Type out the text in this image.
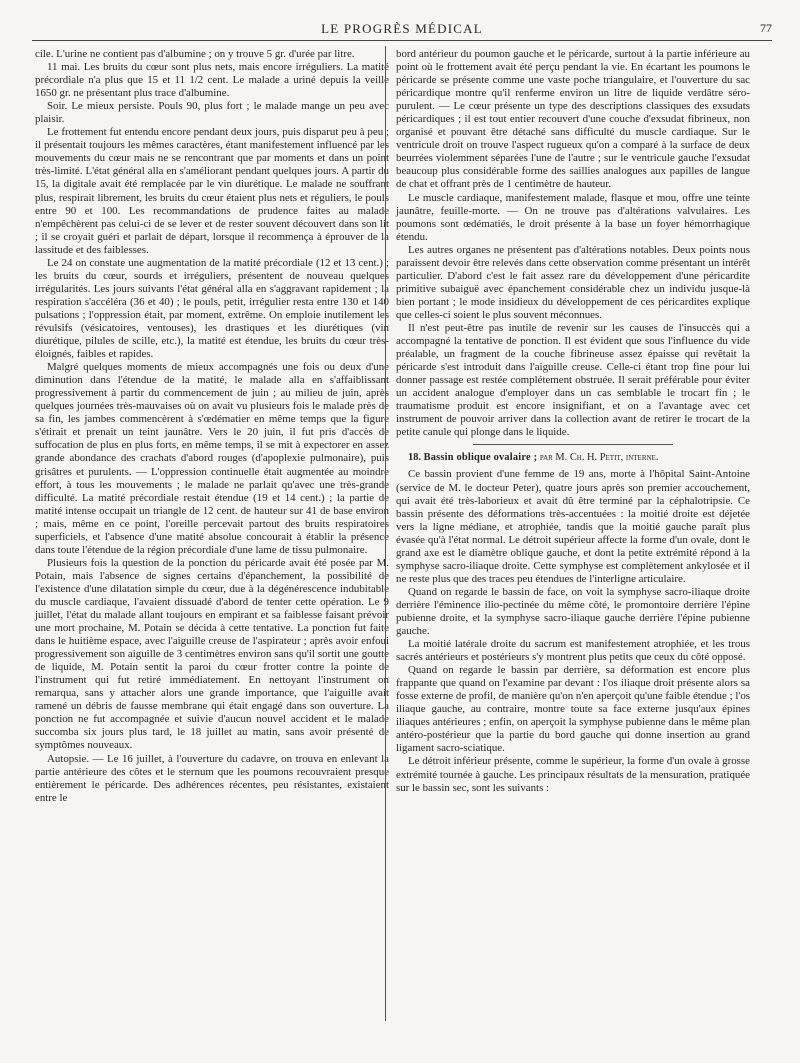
LE PROGRÈS MÉDICAL	77

cile. L'urine ne contient pas d'albumine ; on y trouve 5 gr. d'urée par litre.

11 mai. Les bruits du cœur sont plus nets, mais encore irréguliers. La matité précordiale n'a plus que 15 et 11 1/2 cent. Le malade a uriné depuis la veille 1650 gr. ne présentant plus trace d'albumine.

Soir. Le mieux persiste. Pouls 90, plus fort ; le malade mange un peu avec plaisir.

Le frottement fut entendu encore pendant deux jours, puis disparut peu à peu ; il présentait toujours les mêmes caractères, étant manifestement influencé par les mouvements du cœur mais ne se rencontrant que par moments et dans un point très-limité. L'état général alla en s'améliorant pendant quelques jours. A partir du 15, la digitale avait été remplacée par le vin diurétique. Le malade ne souffrant plus, respirait librement, les bruits du cœur étaient plus nets et réguliers, le pouls entre 90 et 100. Les recommandations de prudence faites au malade n'empêchèrent pas celui-ci de se lever et de rester souvent découvert dans son lit ; il se croyait guéri et parlait de départ, lorsque il recommença à éprouver de la lassitude et des faiblesses.

Le 24 on constate une augmentation de la matité précordiale (12 et 13 cent.) ; les bruits du cœur, sourds et irréguliers, présentent de nouveau quelques irrégularités. Les jours suivants l'état général alla en s'aggravant rapidement ; la respiration s'accéléra (36 et 40) ; le pouls, petit, irrégulier resta entre 130 et 140 pulsations ; l'oppression était, par moment, extrême. On emploie inutilement les révulsifs (vésicatoires, ventouses), les drastiques et les diurétiques (vin diurétique, pilules de scille, etc.), la matité est étendue, les bruits du cœur très-éloignés, faibles et rapides.

Malgré quelques moments de mieux accompagnés une fois ou deux d'une diminution dans l'étendue de la matité, le malade alla en s'affaiblissant progressivement à partir du commencement de juin ; au milieu de juin, après quelques journées très-mauvaises où on avait vu plusieurs fois le malade près de sa fin, les jambes commencèrent à s'œdématier en même temps que la figure s'étirait et prenait un teint jaunâtre. Vers le 20 juin, il fut pris d'accès de suffocation de plus en plus forts, en même temps, il se mit à expectorer en assez grande abondance des crachats d'abord rouges (d'apoplexie pulmonaire), puis grisâtres et purulents. — L'oppression continuelle était augmentée au moindre effort, à tous les mouvements ; le malade ne parlait qu'avec une très-grande difficulté. La matité précordiale restait étendue (19 et 14 cent.) ; la partie de matité intense occupait un triangle de 12 cent. de hauteur sur 41 de base environ ; mais, même en ce point, l'oreille percevait partout des bruits respiratoires superficiels, et l'absence d'une matité absolue concourait à établir la présence dans toute l'étendue de la région précordiale d'une lame de tissu pulmonaire.

Plusieurs fois la question de la ponction du péricarde avait été posée par M. Potain, mais l'absence de signes certains d'épanchement, la possibilité de l'existence d'une dilatation simple du cœur, due à la dégénérescence indubitable du muscle cardiaque, l'avaient dissuadé d'abord de tenter cette opération. Le 9 juillet, l'état du malade allant toujours en empirant et sa faiblesse faisant prévoir une mort prochaine, M. Potain se décida à cette tentative. La ponction fut faite dans le huitième espace, avec l'aiguille creuse de l'aspirateur ; après avoir enfoui progressivement son aiguille de 3 centimètres environ sans qu'il sortit une goutte de liquide, M. Potain sentit la paroi du cœur frotter contre la pointe de l'instrument qui fut retiré immédiatement. En nettoyant l'instrument on remarqua, sans y attacher alors une grande importance, que l'aiguille avait ramené un débris de fausse membrane qui était engagé dans son ouverture. La ponction ne fut accompagnée et suivie d'aucun nouvel accident et le malade succomba six jours plus tard, le 18 juillet au matin, sans avoir présenté de symptômes nouveaux.

Autopsie. — Le 16 juillet, à l'ouverture du cadavre, on trouva en enlevant la partie antérieure des côtes et le sternum que les poumons recouvraient presque entièrement le péricarde. Des adhérences récentes, peu résistantes, existaient entre le

bord antérieur du poumon gauche et le péricarde, surtout à la partie inférieure au point où le frottement avait été perçu pendant la vie. En écartant les poumons le péricarde se présente comme une vaste poche triangulaire, et l'ouverture du sac péricardique montre qu'il renferme environ un litre de liquide verdâtre séro-purulent. — Le cœur présente un type des descriptions classiques des exsudats péricardiques ; il est tout entier recouvert d'une couche d'exsudat fibrineux, non organisé et pouvant être détaché sans difficulté du muscle cardiaque. Sur le ventricule droit on trouve l'aspect rugueux qu'on a comparé à la surface de deux beurrées violemment séparées l'une de l'autre ; sur le ventricule gauche l'exsudat beaucoup plus considérable forme des saillies analogues aux papilles de langue de chat et offrant près de 1 centimètre de hauteur.

Le muscle cardiaque, manifestement malade, flasque et mou, offre une teinte jaunâtre, feuille-morte. — On ne trouve pas d'altérations valvulaires. Les poumons sont œdématiés, le droit présente à la base un foyer hémorrhagique étendu.

Les autres organes ne présentent pas d'altérations notables. Deux points nous paraissent devoir être relevés dans cette observation comme présentant un intérêt particulier. D'abord c'est le fait assez rare du développement d'une péricardite primitive subaiguë avec épanchement considérable chez un individu jusque-là bien portant ; le mode insidieux du développement de ces péricardites explique que celles-ci soient le plus souvent méconnues.

Il n'est peut-être pas inutile de revenir sur les causes de l'insuccès qui a accompagné la tentative de ponction. Il est évident que sous l'influence du vide préalable, un fragment de la couche fibrineuse assez épaisse qui revêtait la péricarde s'est introduit dans l'aiguille creuse. Celle-ci étant trop fine pour lui donner passage est restée complétement obstruée. Il serait préférable pour éviter un accident analogue d'employer dans un cas semblable le trocart fin ; le traumatisme produit est encore insignifiant, et on a l'avantage avec cet instrument de pouvoir arriver dans la collection avant de retirer le trocart de la petite canule qui plonge dans le liquide.

18. Bassin oblique ovalaire ; par M. Ch. H. Petit, interne.

Ce bassin provient d'une femme de 19 ans, morte à l'hôpital Saint-Antoine (service de M. le docteur Peter), quatre jours après son premier accouchement, qui avait été très-laborieux et avait dû être terminé par la céphalotripsie. Ce bassin présente des déformations très-accentuées : la moitié droite est déjetée vers la ligne médiane, et atrophiée, tandis que la moitié gauche paraît plus évasée qu'à l'état normal. Le détroit supérieur affecte la forme d'un ovale, dont le grand axe est le diamètre oblique gauche, et dont la petite extrémité répond à la symphyse sacro-iliaque droite. Cette symphyse est complètement ankylosée et il ne reste plus que des traces peu étendues de l'interligne articulaire.

Quand on regarde le bassin de face, on voit la symphyse sacro-iliaque droite derrière l'éminence ilio-pectinée du même côté, le promontoire derrière l'épine pubienne droite, et la symphyse sacro-iliaque gauche derrière l'épine pubienne gauche.

La moitié latérale droite du sacrum est manifestement atrophiée, et les trous sacrés antérieurs et postérieurs s'y montrent plus petits que ceux du côté opposé.

Quand on regarde le bassin par derrière, sa déformation est encore plus frappante que quand on l'examine par devant : l'os iliaque droit présente alors sa fosse externe de profil, de manière qu'on n'en aperçoit qu'une faible étendue ; l'os iliaque gauche, au contraire, montre toute sa face externe jusqu'aux épines iliaques antérieures ; enfin, on aperçoit la symphyse pubienne dans le même plan antéro-postérieur que la partie du bord gauche qui donne insertion au grand ligament sacro-sciatique.

Le détroit inférieur présente, comme le supérieur, la forme d'un ovale à grosse extrémité tournée à gauche. Les principaux résultats de la mensuration, pratiquée sur le bassin sec, sont les suivants :
